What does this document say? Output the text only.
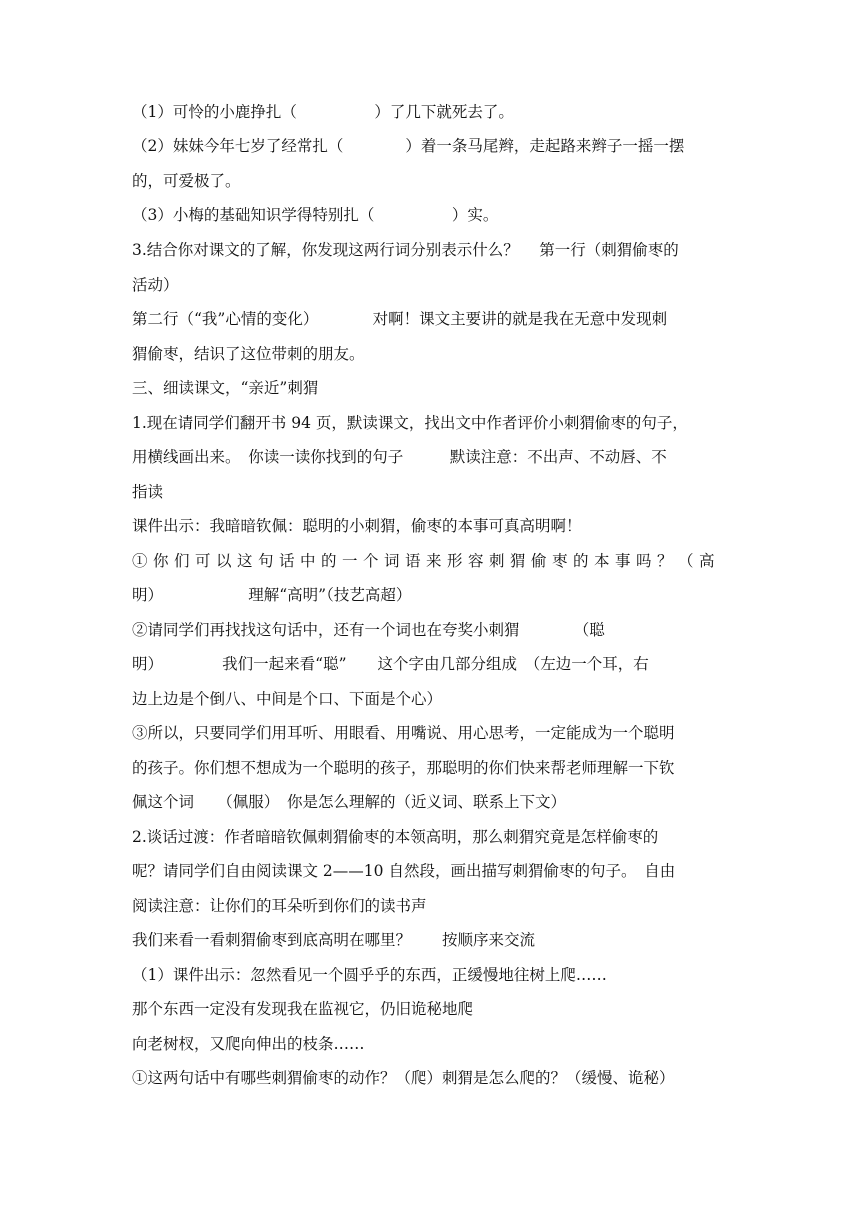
（1）可怜的小鹿挣扎（　　　　　）了几下就死去了。
（2）妹妹今年七岁了经常扎（　　　　）着一条马尾辫，走起路来辫子一摇一摆
的，可爱极了。
（3）小梅的基础知识学得特别扎（　　　　　）实。
3.结合你对课文的了解，你发现这两行词分别表示什么？　 第一行（刺猬偷枣的
活动）
第二行（“我”心情的变化）　　　　对啊！课文主要讲的就是我在无意中发现刺
猬偷枣，结识了这位带刺的朋友。
三、细读课文，“亲近”刺猬
1.现在请同学们翻开书 94 页，默读课文，找出文中作者评价小刺猬偷枣的句子，
用横线画出来。　你读一读你找到的句子　　　默读注意：不出声、不动唇、不
指读
课件出示：我暗暗钦佩：聪明的小刺猬，偷枣的本事可真高明啊！
①你们可以这句话中的一个词语来形容刺猬偷枣的本事吗？（高
明）　　　　　　理解“高明”（技艺高超）
②请同学们再找找这句话中，还有一个词也在夸奖小刺猬　　　　（聪
明）　　　　 我们一起来看“聪”　　这个字由几部分组成　（左边一个耳，右
边上边是个倒八、中间是个口、下面是个心）
③所以，只要同学们用耳听、用眼看、用嘴说、用心思考，一定能成为一个聪明
的孩子。你们想不想成为一个聪明的孩子，那聪明的你们快来帮老师理解一下钦
佩这个词　　（佩服）　你是怎么理解的（近义词、联系上下文）
2.谈话过渡：作者暗暗钦佩刺猬偷枣的本领高明，那么刺猬究竟是怎样偷枣的
呢？请同学们自由阅读课文 2——10 自然段，画出描写刺猬偷枣的句子。　自由
阅读注意：让你们的耳朵听到你们的读书声
我们来看一看刺猬偷枣到底高明在哪里？　　按顺序来交流
（1）课件出示：忽然看见一个圆乎乎的东西，正缓慢地往树上爬……
那个东西一定没有发现我在监视它，仍旧诡秘地爬
向老树杈，又爬向伸出的枝条……
①这两句话中有哪些刺猬偷枣的动作？（爬）刺猬是怎么爬的？（缓慢、诡秘）
